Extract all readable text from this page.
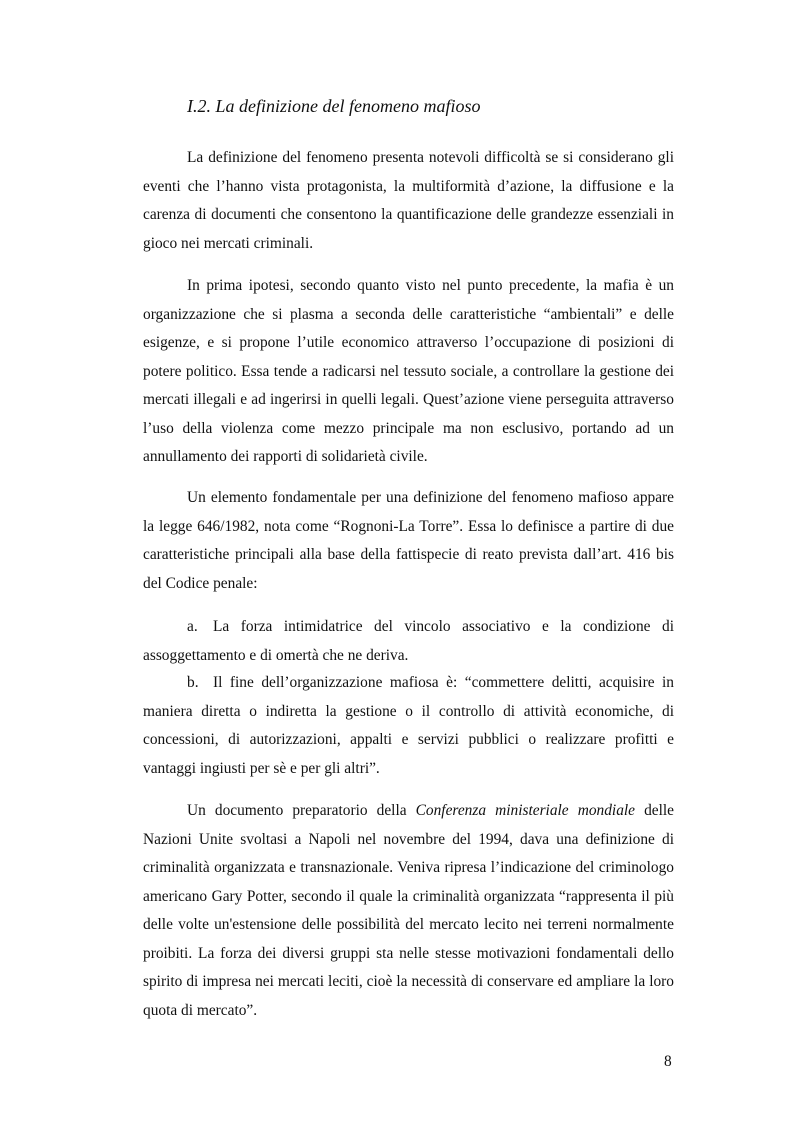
I.2. La definizione del fenomeno mafioso

La definizione del fenomeno presenta notevoli difficoltà se si considerano gli eventi che l’hanno vista protagonista, la multiformità d’azione, la diffusione e la carenza di documenti che consentono la quantificazione delle grandezze essenziali in gioco nei mercati criminali.

In prima ipotesi, secondo quanto visto nel punto precedente, la mafia è un organizzazione che si plasma a seconda delle caratteristiche “ambientali” e delle esigenze, e si propone l’utile economico attraverso l’occupazione di posizioni di potere politico. Essa tende a radicarsi nel tessuto sociale, a controllare la gestione dei mercati illegali e ad ingerirsi in quelli legali. Quest’azione viene perseguita attraverso l’uso della violenza come mezzo principale ma non esclusivo, portando ad un annullamento dei rapporti di solidarietà civile.

Un elemento fondamentale per una definizione del fenomeno mafioso appare la legge 646/1982, nota come “Rognoni-La Torre”. Essa lo definisce a partire di due caratteristiche principali alla base della fattispecie di reato prevista dall’art. 416 bis del Codice penale:

a. La forza intimidatrice del vincolo associativo e la condizione di assoggettamento e di omertà che ne deriva.

b. Il fine dell’organizzazione mafiosa è: “commettere delitti, acquisire in maniera diretta o indiretta la gestione o il controllo di attività economiche, di concessioni, di autorizzazioni, appalti e servizi pubblici o realizzare profitti e vantaggi ingiusti per sè e per gli altri”.

Un documento preparatorio della Conferenza ministeriale mondiale delle Nazioni Unite svoltasi a Napoli nel novembre del 1994, dava una definizione di criminalità organizzata e transnazionale. Veniva ripresa l’indicazione del criminologo americano Gary Potter, secondo il quale la criminalità organizzata “rappresenta il più delle volte un'estensione delle possibilità del mercato lecito nei terreni normalmente proibiti. La forza dei diversi gruppi sta nelle stesse motivazioni fondamentali dello spirito di impresa nei mercati leciti, cioè la necessità di conservare ed ampliare la loro quota di mercato”.

8
